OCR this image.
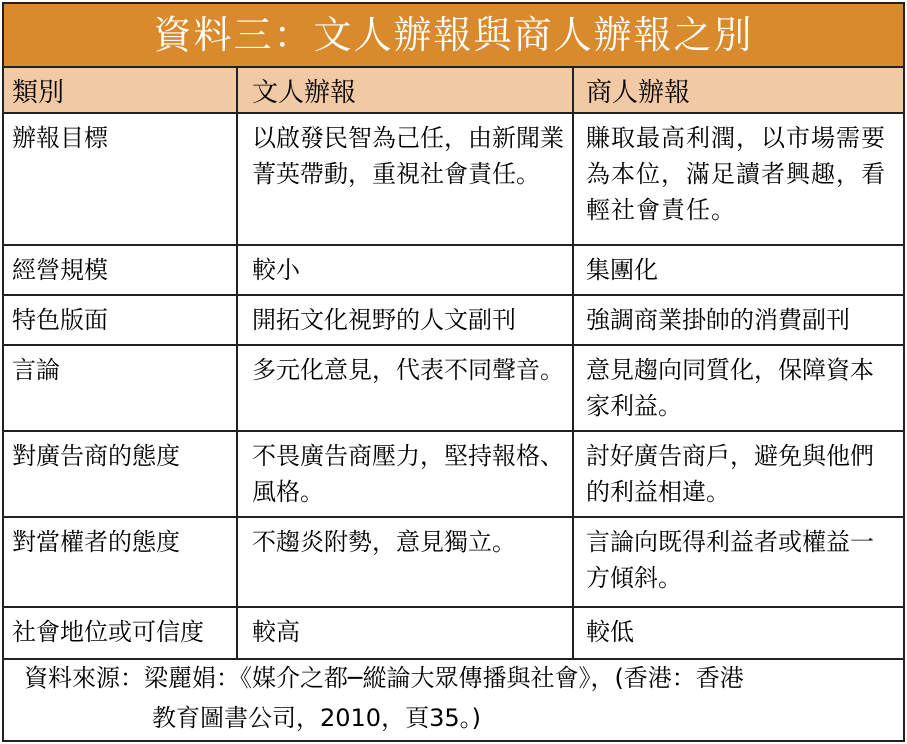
資料三：文人辦報與商人辦報之別
類別	文人辦報	商人辦報
辦報目標	以啟發民智為己任，由新聞業菁英帶動，重視社會責任。	賺取最高利潤，以市場需要為本位，滿足讀者興趣，看輕社會責任。
經營規模	較小	集團化
特色版面	開拓文化視野的人文副刊	強調商業掛帥的消費副刊
言論	多元化意見，代表不同聲音。	意見趨向同質化，保障資本家利益。
對廣告商的態度	不畏廣告商壓力，堅持報格、風格。	討好廣告商戶，避免與他們的利益相違。
對當權者的態度	不趨炎附勢，意見獨立。	言論向既得利益者或權益一方傾斜。
社會地位或可信度	較高	較低
資料來源：梁麗娟：《媒介之都─縱論大眾傳播與社會》，(香港：香港
教育圖書公司，2010，頁35。)
